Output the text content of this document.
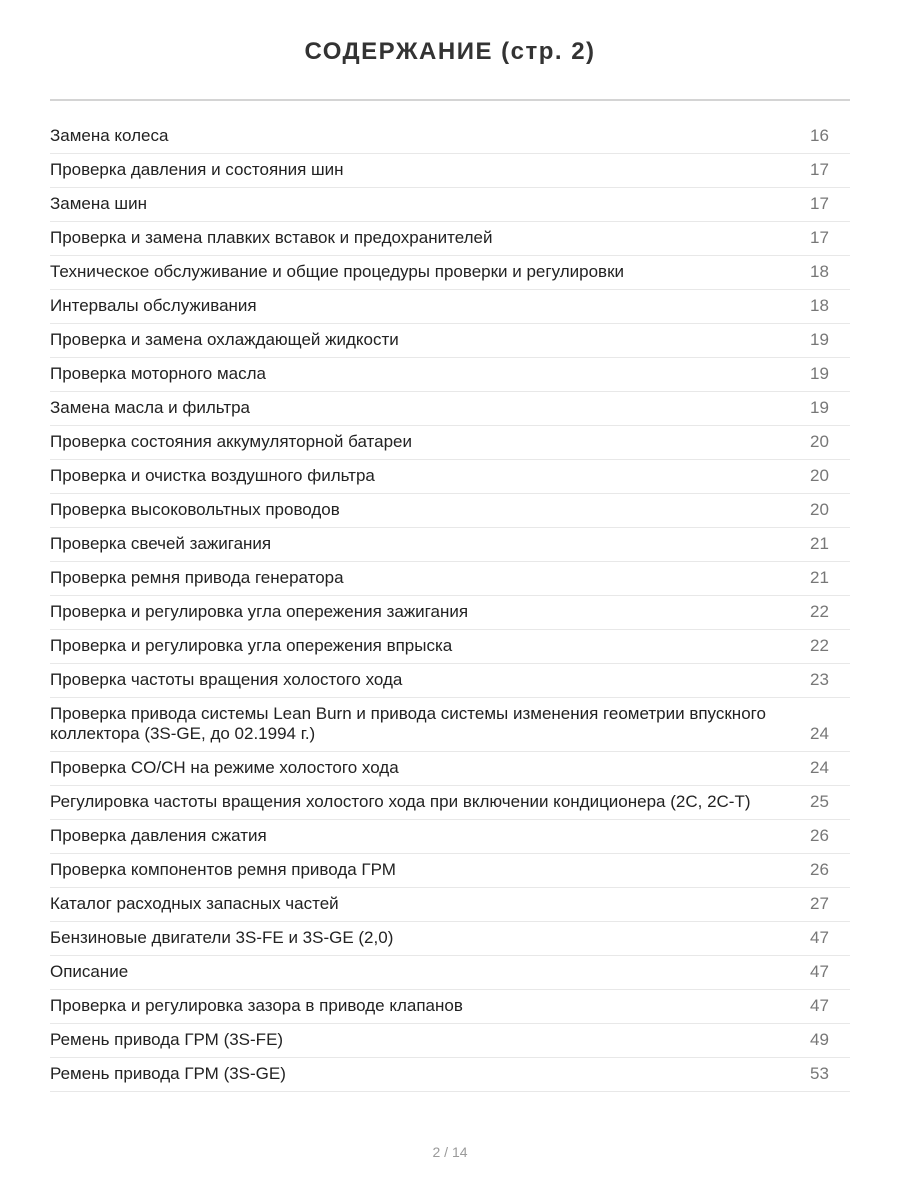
СОДЕРЖАНИЕ (стр. 2)
Замена колеса	16
Проверка давления и состояния шин	17
Замена шин	17
Проверка и замена плавких вставок и предохранителей	17
Техническое обслуживание и общие процедуры проверки и регулировки	18
Интервалы обслуживания	18
Проверка и замена охлаждающей жидкости	19
Проверка моторного масла	19
Замена масла и фильтра	19
Проверка состояния аккумуляторной батареи	20
Проверка и очистка воздушного фильтра	20
Проверка высоковольтных проводов	20
Проверка свечей зажигания	21
Проверка ремня привода генератора	21
Проверка и регулировка угла опережения зажигания	22
Проверка и регулировка угла опережения впрыска	22
Проверка частоты вращения холостого хода	23
Проверка привода системы Lean Burn и привода системы изменения геометрии впускного коллектора (3S-GE, до 02.1994 г.)	24
Проверка CO/CH на режиме холостого хода	24
Регулировка частоты вращения холостого хода при включении кондиционера (2C, 2C-T)	25
Проверка давления сжатия	26
Проверка компонентов ремня привода ГРМ	26
Каталог расходных запасных частей	27
Бензиновые двигатели 3S-FE и 3S-GE (2,0)	47
Описание	47
Проверка и регулировка зазора в приводе клапанов	47
Ремень привода ГРМ (3S-FE)	49
Ремень привода ГРМ (3S-GE)	53
2 / 14
